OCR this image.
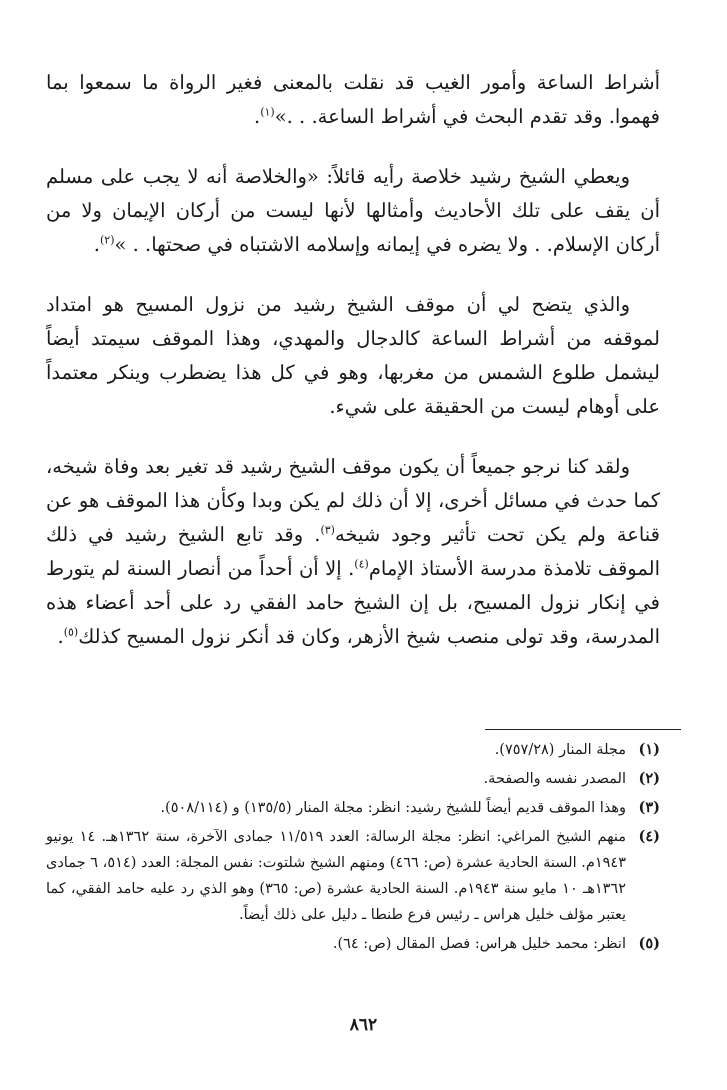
أشراط الساعة وأمور الغيب قد نقلت بالمعنى فغير الرواة ما سمعوا بما فهموا. وقد تقدم البحث في أشراط الساعة. . .»$^{(١)}$.

ويعطي الشيخ رشيد خلاصة رأيه قائلاً: «والخلاصة أنه لا يجب على مسلم أن يقف على تلك الأحاديث وأمثالها لأنها ليست من أركان الإيمان ولا من أركان الإسلام. . ولا يضره في إيمانه وإسلامه الاشتباه في صحتها. . »$^{(٢)}$.

والذي يتضح لي أن موقف الشيخ رشيد من نزول المسيح هو امتداد لموقفه من أشراط الساعة كالدجال والمهدي، وهذا الموقف سيمتد أيضاً ليشمل طلوع الشمس من مغربها، وهو في كل هذا يضطرب وينكر معتمداً على أوهام ليست من الحقيقة على شيء.

ولقد كنا نرجو جميعاً أن يكون موقف الشيخ رشيد قد تغير بعد وفاة شيخه، كما حدث في مسائل أخرى، إلا أن ذلك لم يكن وبدا وكأن هذا الموقف هو عن قناعة ولم يكن تحت تأثير وجود شيخه$^{(٣)}$. وقد تابع الشيخ رشيد في ذلك الموقف تلامذة مدرسة الأستاذ الإمام$^{(٤)}$. إلا أن أحداً من أنصار السنة لم يتورط في إنكار نزول المسيح، بل إن الشيخ حامد الفقي رد على أحد أعضاء هذه المدرسة، وقد تولى منصب شيخ الأزهر، وكان قد أنكر نزول المسيح كذلك$^{(٥)}$.

(١)
مجلة المنار (٧٥٧/٢٨).
(٢)
المصدر نفسه والصفحة.
(٣)
وهذا الموقف قديم أيضاً للشيخ رشيد: انظر: مجلة المنار (١٣٥/٥) و (٥٠٨/١١٤).
(٤)
منهم الشيخ المراغي: انظر: مجلة الرسالة: العدد ١١/٥١٩ جمادى الآخرة، سنة ١٣٦٢هـ. ١٤ يونيو ١٩٤٣م. السنة الحادية عشرة (ص: ٤٦٦) ومنهم الشيخ شلتوت: نفس المجلة: العدد (٥١٤، ٦ جمادى ١٣٦٢هـ ١٠ مايو سنة ١٩٤٣م. السنة الحادية عشرة (ص: ٣٦٥) وهو الذي رد عليه حامد الفقي، كما يعتبر مؤلف خليل هراس ـ رئيس فرع طنطا ـ دليل على ذلك أيضاً.
(٥)
انظر: محمد خليل هراس: فصل المقال (ص: ٦٤).
٨٦٢
